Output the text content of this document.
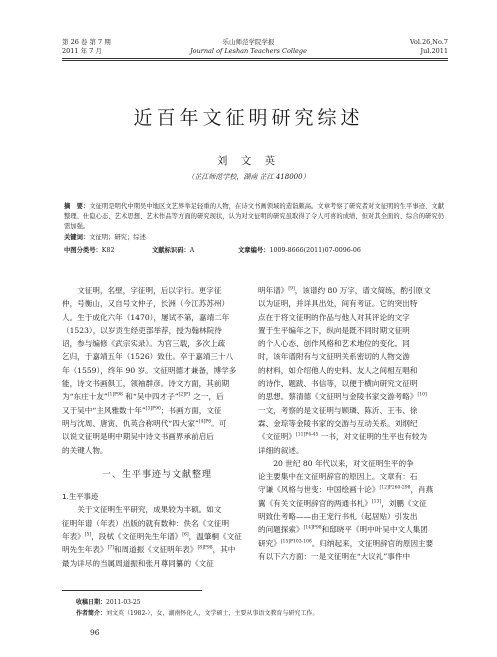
第 26 卷 第 7 期
2011 年 7 月
乐山师范学院学报
Journal of Leshan Teachers College
Vol.26,No.7
Jul.2011
近百年文征明研究综述
刘 文 英
（芷江师范学校，湖南 芷江 418000）
摘　要：文征明是明代中期吴中地区文艺界举足轻重的人物，在诗文书画领域的造诣颇高。文章考察了研究者对文征明的生平事迹、文献整理、仕隐心态、艺术思想、艺术作品等方面的研究现状，认为对文征明的研究虽取得了令人可喜的成绩，但对其全面的、综合的研究仍需加强。
关键词：文征明；研究；综述
中图分类号：K82	文献标识码：A	文章编号：1009-8666(2011)07-0096-06
文征明，名壁，字征明，后以字行。更字征
仲，号衡山，又自号文仲子，长洲（今江苏苏州）
人。生于成化六年（1470），屡试不第，嘉靖二年
（1523），以岁贡生经吏部举荐，授为翰林院待
诏，参与编修《武宗实录》。为官三载，多次上疏
乞归，于嘉靖五年（1526）致仕。卒于嘉靖三十八
年（1559），终年 90 岁。文征明德才兼备，博学多
能，诗文书画俱工，领袖群彦。诗文方面，其前期
为“东庄十友”$^{[1]P98}$ 和“吴中四才子”$^{[2]P1}$ 之一，后
又于吴中“主风雅数十年”$^{[3]P90}$；书画方面，文征
明与沈周、唐寅、仇英合称明代“四大家”$^{[4]P6}$。可
以说文征明是明中期吴中诗文书画界承前启后
的关键人物。
一、生平事迹与文献整理
1.生平事迹
关于文征明生平研究，成果较为丰硕。如文
征明年谱（年表）出版的就有数种：佚名《文征明
年表》[5]，段栻《文征明先生年谱》[6]，温肇桐《文征
明先生年表》[7]和周道振《文征明年表》$^{[8]P98}$，其中
最为详尽的当属周道振和张月尊同纂的《文征
明年谱》[9]，该谱约 80 万字，谱文简练，酌引原文
以为证明，并详具出处，间有考证。它的突出特
点在于将文征明的作品与他人对其评论的文字
置于生平编年之下，纵向是既不同时期文征明
的个人心态、创作风格和艺术地位的变化。同
时，该年谱附有与文征明关系密切的人物交游
的材料，如介绍他人的史料、友人之间相互唱和
的诗作、题跋、书信等，以便于横向研究文征明
的思想。蔡清德《文征明与金陵书家交游考略》[10]
一文，考察的是文征明与顾璘、陈沂、王韦、徐
霖、金琮等金陵书家的交游与互动关系。刘纲纪
《文征明》$^{[11]P4-45}$ 一书，对文征明的生平也有较为
详细的叙述。
20 世纪 80 年代以来，对文征明生平的争
论主要集中在文征明辞官的原因上。文章有：石
守谦《风格与世变：中国绘画十论》$^{[12]P260-298}$，肖燕
翼《有关文征明辞官的两通书札》[13]，刘鹏《文征
明致仕考略——由王宠行书札（起居贴）引发出
的问题探索》$^{[14]P98}$和邸晓平《明中叶吴中文人集团
研究》$^{[15]P103-108}$。归纳起来，文征明辞官的原因主要
有以下六方面：一是文征明在“大议礼”事件中
收稿日期：2011-03-25
作者简介：刘文英（1982-），女，湖南怀化人，文学硕士，主要从事语文教育与研究工作。
96
